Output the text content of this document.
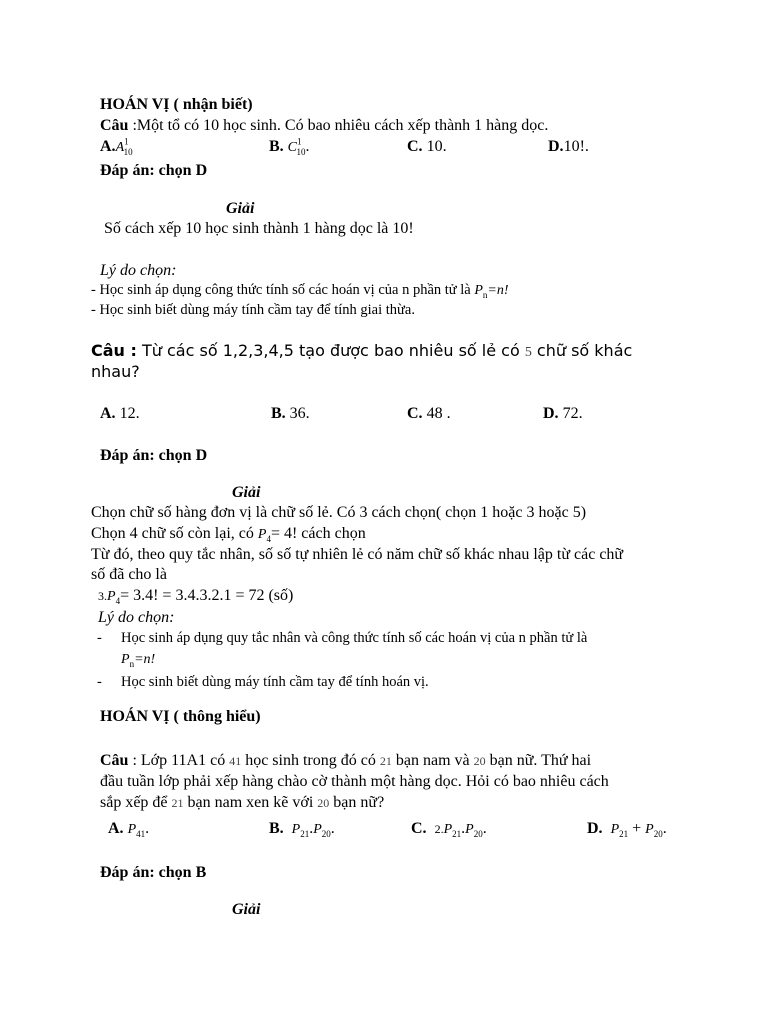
HOÁN VỊ ( nhận biết)
Câu :Một tổ có 10 học sinh. Có bao nhiêu cách xếp thành 1 hàng dọc.
$A.A^1_{10}$	B. $C^1_{10}$.	C. 10.	D.10!.
Đáp án: chọn D
Giải
Số cách xếp 10 học sinh thành 1 hàng dọc là 10!
Lý do chọn:
- Học sinh áp dụng công thức tính số các hoán vị của n phần tử là $P_n=n$!
- Học sinh biết dùng máy tính cầm tay để tính giai thừa.
Câu : Từ các số 1,2,3,4,5 tạo được bao nhiêu số lẻ có 5 chữ số khác
nhau?
A. 12.	B. 36.	C. 48 .	D. 72.
Đáp án: chọn D
Giải
Chọn chữ số hàng đơn vị là chữ số lẻ. Có 3 cách chọn( chọn 1 hoặc 3 hoặc 5)
Chọn 4 chữ số còn lại, có $P_4= 4$! cách chọn
Từ đó, theo quy tắc nhân, số số tự nhiên lẻ có năm chữ số khác nhau lập từ các chữ
số đã cho là
$3.P_4= 3.4$! = 3.4.3.2.1 = 72 (số)
Lý do chọn:
- Học sinh áp dụng quy tắc nhân và công thức tính số các hoán vị của n phần tử là
$P_n=n$!
- Học sinh biết dùng máy tính cầm tay để tính hoán vị.
HOÁN VỊ ( thông hiểu)
Câu : Lớp 11A1 có 41 học sinh trong đó có 21 bạn nam và 20 bạn nữ. Thứ hai
đầu tuần lớp phải xếp hàng chào cờ thành một hàng dọc. Hỏi có bao nhiêu cách
sắp xếp để 21 bạn nam xen kẽ với 20 bạn nữ?
A. $P_{41}$.	B. $P_{21}.P_{20}$.	C. $2.P_{21}.P_{20}$.	D. $P_{21} + P_{20}$.
Đáp án: chọn B
Giải
